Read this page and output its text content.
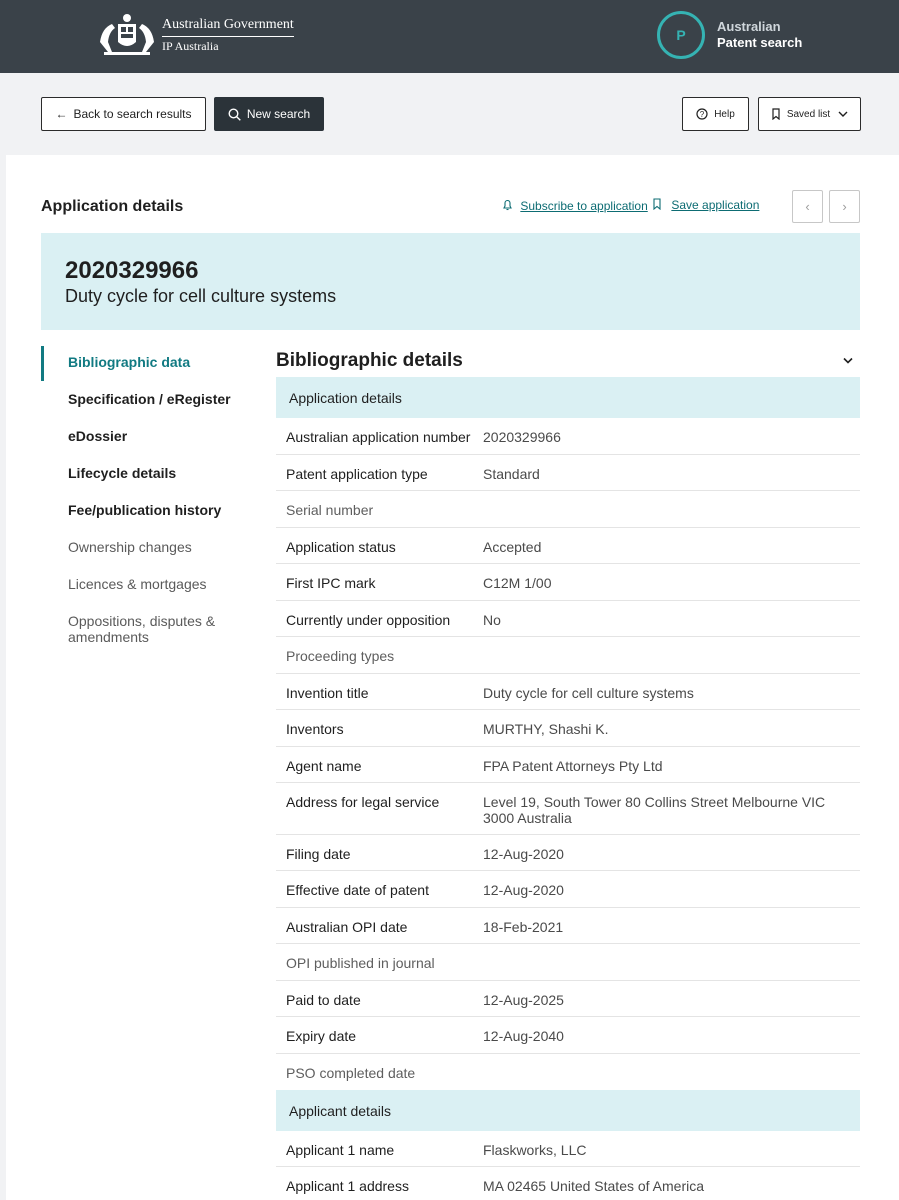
Australian Government
IP Australia
P
Australian
Patent search
← Back to search results	New search	? Help	Saved list
Application details	Subscribe to application	Save application	‹	›
2020329966
Duty cycle for cell culture systems
Bibliographic data
Specification / eRegister
eDossier
Lifecycle details
Fee/publication history
Ownership changes
Licences & mortgages
Oppositions, disputes & amendments
Bibliographic details
Application details
Australian application number 2020329966
Patent application type	Standard
Serial number
Application status	Accepted
First IPC mark	C12M 1/00
Currently under opposition No
Proceeding types
Invention title	Duty cycle for cell culture systems
Inventors	MURTHY, Shashi K.
Agent name	FPA Patent Attorneys Pty Ltd
Address for legal service	Level 19, South Tower 80 Collins Street Melbourne VIC 3000 Australia
Filing date	12-Aug-2020
Effective date of patent	12-Aug-2020
Australian OPI date	18-Feb-2021
OPI published in journal
Paid to date	12-Aug-2025
Expiry date	12-Aug-2040
PSO completed date
Applicant details
Applicant 1 name	Flaskworks, LLC
Applicant 1 address	MA 02465 United States of America
